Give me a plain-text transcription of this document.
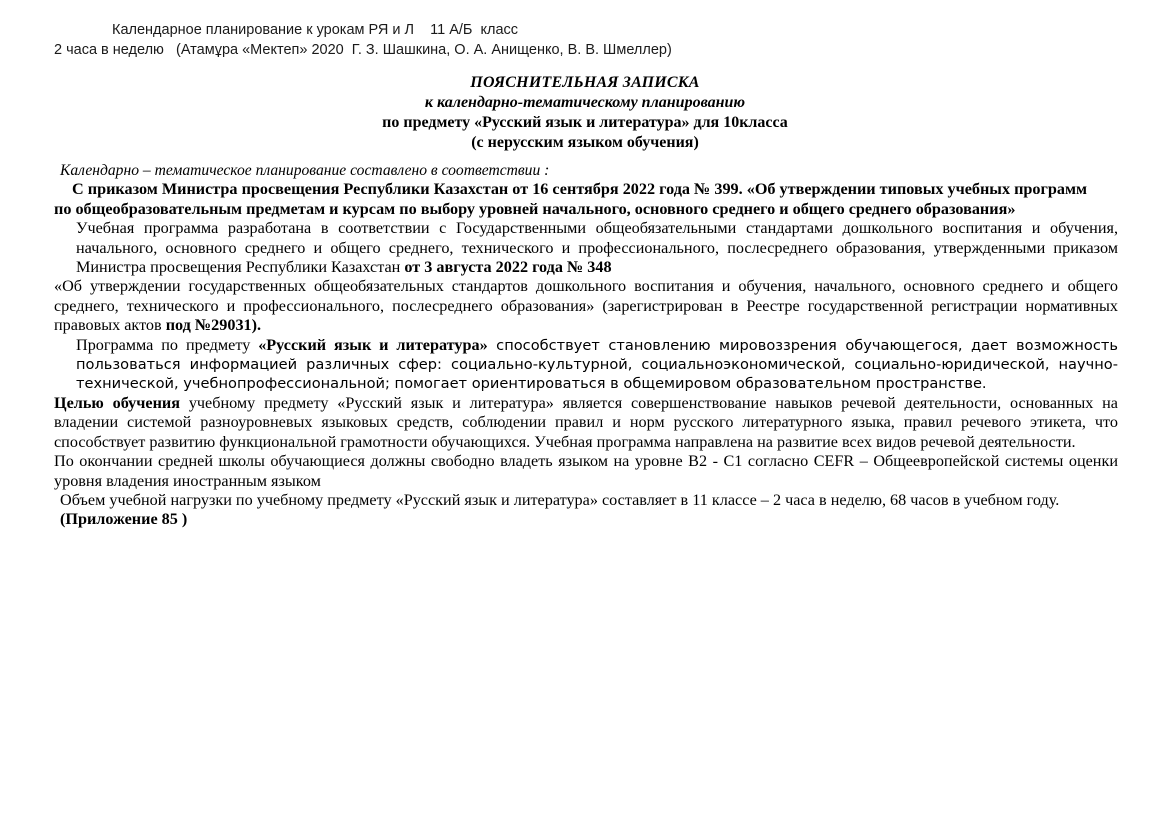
Календарное планирование к урокам РЯ и Л    11 А/Б  класс
2 часа в неделю   (Атамұра «Мектеп» 2020  Г. З. Шашкина, О. А. Анищенко, В. В. Шмеллер)
ПОЯСНИТЕЛЬНАЯ ЗАПИСКА
к календарно-тематическому планированию
по предмету «Русский язык и литература» для 10класса
(с нерусским языком обучения)

Календарно – тематическое планирование составлено в соответствии :

С приказом Министра просвещения Республики Казахстан от 16 сентября 2022 года № 399. «Об утверждении типовых учебных программ

по общеобразовательным предметам и курсам по выбору уровней начального, основного среднего и общего среднего образования»

Учебная программа разработана в соответствии с Государственными общеобязательными стандартами дошкольного воспитания и обучения, начального, основного среднего и общего среднего, технического и профессионального, послесреднего образования, утвержденными приказом Министра просвещения Республики Казахстан от 3 августа 2022 года № 348

«Об утверждении государственных общеобязательных стандартов дошкольного воспитания и обучения, начального, основного среднего и общего среднего, технического и профессионального, послесреднего образования» (зарегистрирован в Реестре государственной регистрации нормативных правовых актов под №29031).

Программа по предмету «Русский язык и литература» способствует становлению мировоззрения обучающегося, дает возможность пользоваться информацией различных сфер: социально-культурной, социальноэкономической, социально-юридической, научно-технической, учебнопрофессиональной; помогает ориентироваться в общемировом образовательном пространстве.

Целью обучения учебному предмету «Русский язык и литература» является совершенствование навыков речевой деятельности, основанных на владении системой разноуровневых языковых средств, соблюдении правил и норм русского литературного языка, правил речевого этикета, что способствует развитию функциональной грамотности обучающихся. Учебная программа направлена на развитие всех видов речевой деятельности.

По окончании средней школы обучающиеся должны свободно владеть языком на уровне B2 - C1 согласно CEFR – Общеевропейской системы оценки уровня владения иностранным языком

Объем учебной нагрузки по учебному предмету «Русский язык и литература» составляет в 11 классе – 2 часа в неделю, 68 часов в учебном году.

(Приложение 85 )
